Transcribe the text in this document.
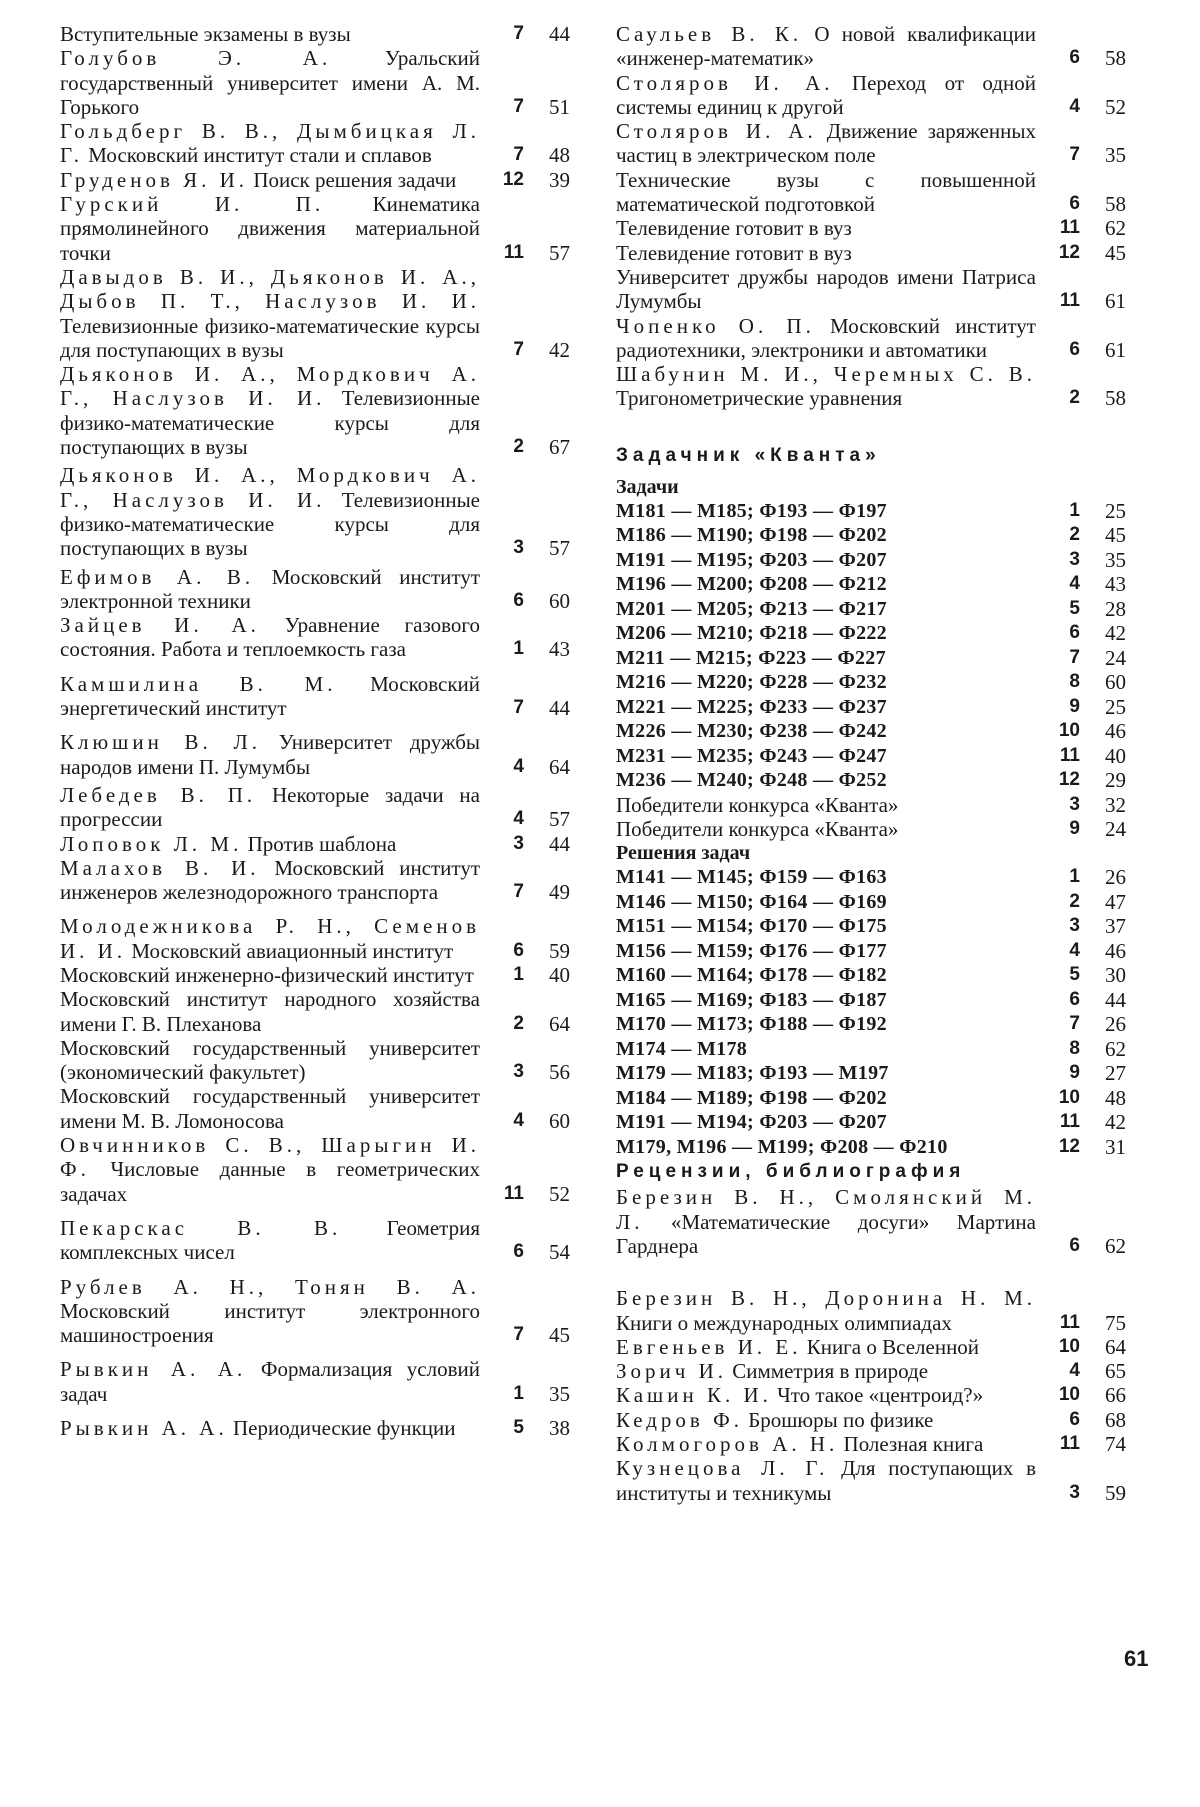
Вступительные экзамены в вузы	7	44
Голубов Э. А. Уральский государственный университет имени А. М. Горького	7	51
Гольдберг В. В., Дымбицкая Л. Г. Московский институт стали и сплавов	7	48
Груденов Я. И. Поиск решения задачи	12	39
Гурский И. П. Кинематика прямолинейного движения материальной точки	11	57
Давыдов В. И., Дьяконов И. А., Дыбов П. Т., Наслузов И. И. Телевизионные физико-математические курсы для поступающих в вузы	7	42
Дьяконов И. А., Мордкович А. Г., Наслузов И. И. Телевизионные физико-математические курсы для поступающих в вузы	2	67
Дьяконов И. А., Мордкович А. Г., Наслузов И. И. Телевизионные физико-математические курсы для поступающих в вузы	3	57
Ефимов А. В. Московский институт электронной техники	6	60
Зайцев И. А. Уравнение газового состояния. Работа и теплоемкость газа	1	43
Камшилина В. М. Московский энергетический институт	7	44
Клюшин В. Л. Университет дружбы народов имени П. Лумумбы	4	64
Лебедев В. П. Некоторые задачи на прогрессии	4	57
Лоповок Л. М. Против шаблона	3	44
Малахов В. И. Московский институт инженеров железнодорожного транспорта	7	49
Молодежникова Р. Н., Семенов И. И. Московский авиационный институт	6	59
Московский инженерно-физический институт	1	40
Московский институт народного хозяйства имени Г. В. Плеханова	2	64
Московский государственный университет (экономический факультет)	3	56
Московский государственный университет имени М. В. Ломоносова	4	60
Овчинников С. В., Шарыгин И. Ф. Числовые данные в геометрических задачах	11	52
Пекарскас В. В. Геометрия комплексных чисел	6	54
Рублев А. Н., Тонян В. А. Московский институт электронного машиностроения	7	45
Рывкин А. А. Формализация условий задач	1	35
Рывкин А. А. Периодические функции	5	38
Саульев В. К. О новой квалификации «инженер-математик»	6	58
Столяров И. А. Переход от одной системы единиц к другой	4	52
Столяров И. А. Движение заряженных частиц в электрическом поле	7	35
Технические вузы с повышенной математической подготовкой	6	58
Телевидение готовит в вуз	11	62
Телевидение готовит в вуз	12	45
Университет дружбы народов имени Патриса Лумумбы	11	61
Чопенко О. П. Московский институт радиотехники, электроники и автоматики	6	61
Шабунин М. И., Черемных С. В. Тригонометрические уравнения	2	58
Задачник «Кванта»
Задачи
М181 — М185; Ф193 — Ф197	1	25
М186 — М190; Ф198 — Ф202	2	45
М191 — М195; Ф203 — Ф207	3	35
М196 — М200; Ф208 — Ф212	4	43
М201 — М205; Ф213 — Ф217	5	28
М206 — М210; Ф218 — Ф222	6	42
М211 — М215; Ф223 — Ф227	7	24
М216 — М220; Ф228 — Ф232	8	60
М221 — М225; Ф233 — Ф237	9	25
М226 — М230; Ф238 — Ф242	10	46
М231 — М235; Ф243 — Ф247	11	40
М236 — М240; Ф248 — Ф252	12	29
Победители конкурса «Кванта»	3	32
Победители конкурса «Кванта»	9	24
Решения задач
М141 — М145; Ф159 — Ф163	1	26
М146 — М150; Ф164 — Ф169	2	47
М151 — М154; Ф170 — Ф175	3	37
М156 — М159; Ф176 — Ф177	4	46
М160 — М164; Ф178 — Ф182	5	30
М165 — М169; Ф183 — Ф187	6	44
М170 — М173; Ф188 — Ф192	7	26
М174 — М178	8	62
М179 — М183; Ф193 — М197	9	27
М184 — М189; Ф198 — Ф202	10	48
М191 — М194; Ф203 — Ф207	11	42
М179, М196 — М199; Ф208 — Ф210	12	31
Рецензии, библиография
Березин В. Н., Смолянский М. Л. «Математические досуги» Мартина Гарднера	6	62
Березин В. Н., Доронина Н. М. Книги о международных олимпиадах	11	75
Евгеньев И. Е. Книга о Вселенной	10	64
Зорич И. Симметрия в природе	4	65
Кашин К. И. Что такое «центроид?»	10	66
Кедров Ф. Брошюры по физике	6	68
Колмогоров А. Н. Полезная книга	11	74
Кузнецова Л. Г. Для поступающих в институты и техникумы	3	59
61
